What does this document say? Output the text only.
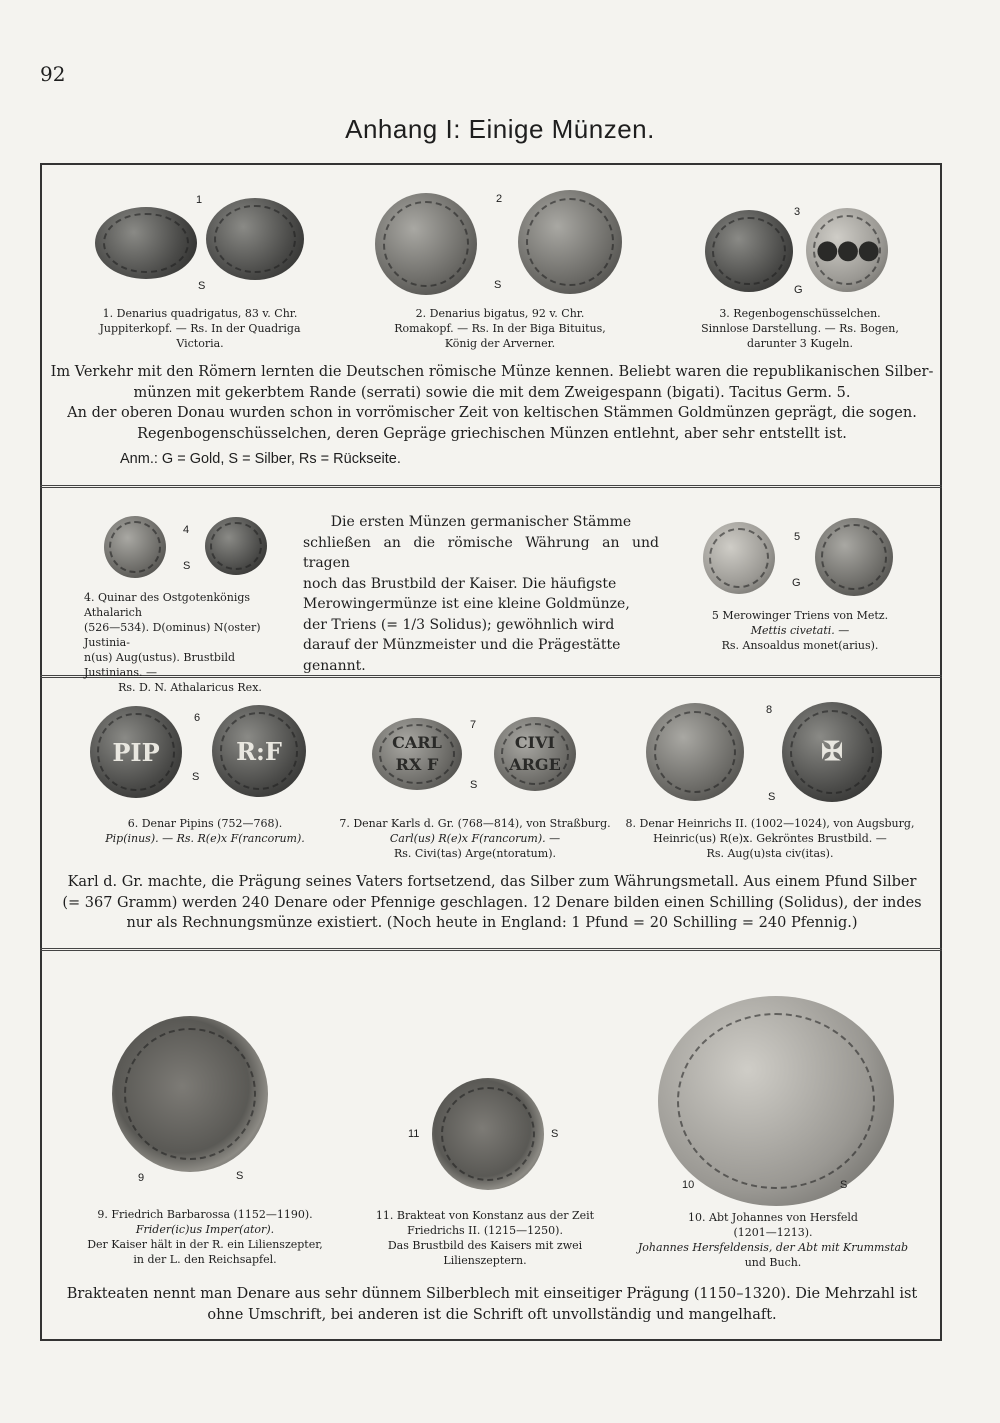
92
Anhang I: Einige Münzen.
1
S
2
S
●●●
3
G
1. Denarius quadrigatus, 83 v. Chr.
Juppiterkopf. — Rs. In der Quadriga
Victoria.
2. Denarius bigatus, 92 v. Chr.
Romakopf. — Rs. In der Biga Bituitus,
König der Arverner.
3. Regenbogenschüsselchen.
Sinnlose Darstellung. — Rs. Bogen,
darunter 3 Kugeln.
Im Verkehr mit den Römern lernten die Deutschen römische Münze kennen. Beliebt waren die republikanischen Silber-
münzen mit gekerbtem Rande (serrati) sowie die mit dem Zweigespann (bigati). Tacitus Germ. 5.
An der oberen Donau wurden schon in vorrömischer Zeit von keltischen Stämmen Goldmünzen geprägt, die sogen.
Regenbogenschüsselchen, deren Gepräge griechischen Münzen entlehnt, aber sehr entstellt ist.
Anm.: G = Gold, S = Silber, Rs = Rückseite.
4
S
4. Quinar des Ostgotenkönigs Athalarich
(526—534). D(ominus) N(oster) Justinia-
n(us) Aug(ustus). Brustbild Justinians. —
Rs. D. N. Athalaricus Rex.
Die ersten Münzen germanischer Stämme
schließen an die römische Währung an und tragen
noch das Brustbild der Kaiser. Die häufigste
Merowingermünze ist eine kleine Goldmünze,
der Triens (= 1/3 Solidus); gewöhnlich wird
darauf der Münzmeister und die Prägestätte
genannt.
5
G
5 Merowinger Triens von Metz.
Mettis civetati. —
Rs. Ansoaldus monet(arius).
PIP	R:F
6
S
CARL
RX F
CIVI
ARGE
7
S
✠
8
S
6. Denar Pipins (752—768).
Pip(inus). — Rs. R(e)x F(rancorum).
7. Denar Karls d. Gr. (768—814), von Straßburg.
Carl(us) R(e)x F(rancorum). —
Rs. Civi(tas) Arge(ntoratum).
8. Denar Heinrichs II. (1002—1024), von Augsburg,
Heinric(us) R(e)x. Gekröntes Brustbild. —
Rs. Aug(u)sta civ(itas).
Karl d. Gr. machte, die Prägung seines Vaters fortsetzend, das Silber zum Währungsmetall. Aus einem Pfund Silber
(= 367 Gramm) werden 240 Denare oder Pfennige geschlagen. 12 Denare bilden einen Schilling (Solidus), der indes
nur als Rechnungsmünze existiert. (Noch heute in England: 1 Pfund = 20 Schilling = 240 Pfennig.)
9	S
11	S
10	S
9. Friedrich Barbarossa (1152—1190).
Frider(ic)us Imper(ator).
Der Kaiser hält in der R. ein Lilienszepter,
in der L. den Reichsapfel.
11. Brakteat von Konstanz aus der Zeit
Friedrichs II. (1215—1250).
Das Brustbild des Kaisers mit zwei
Lilienszeptern.
10. Abt Johannes von Hersfeld
(1201—1213).
Johannes Hersfeldensis, der Abt mit Krummstab
und Buch.
Brakteaten nennt man Denare aus sehr dünnem Silberblech mit einseitiger Prägung (1150–1320). Die Mehrzahl ist
ohne Umschrift, bei anderen ist die Schrift oft unvollständig und mangelhaft.
